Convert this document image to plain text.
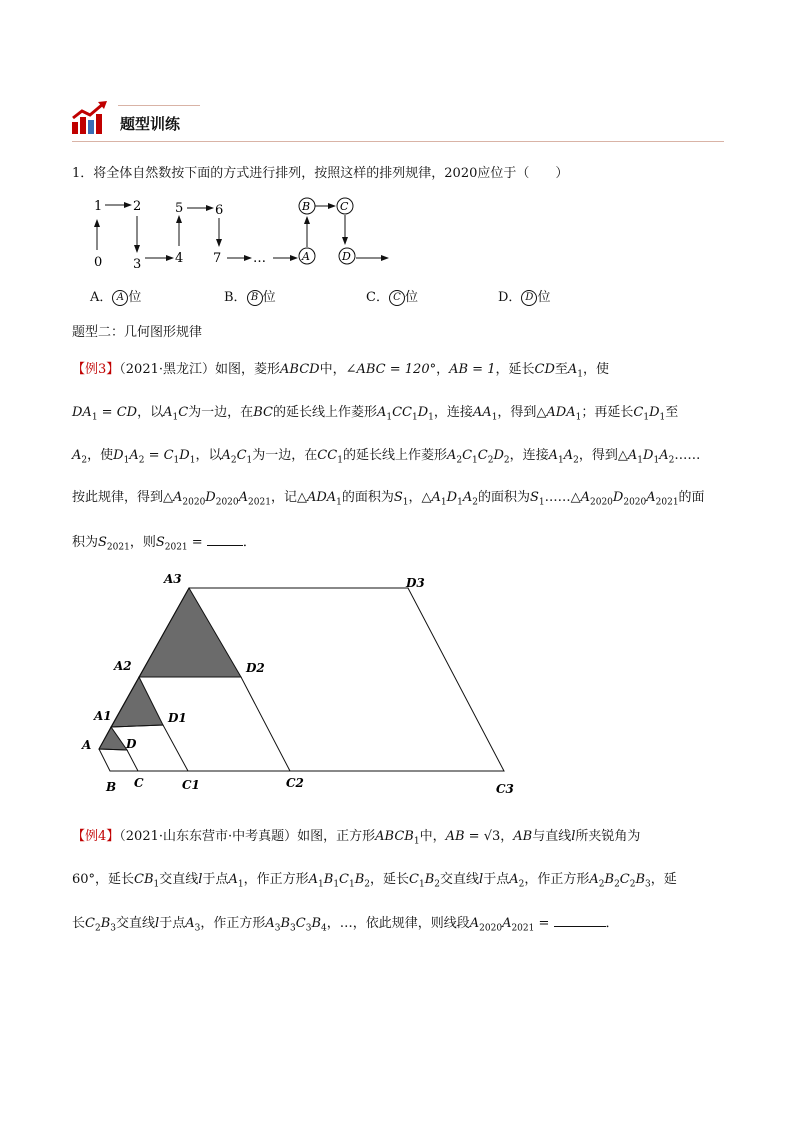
题型训练
1．将全体自然数按下面的方式进行排列，按照这样的排列规律，2020应位于（　　）
1 2
0 3	4
5 6
7 …
B	C
A	D
A． A 位	B． B 位	C． C 位	D． D 位
题型二：几何图形规律
【例3】（2021·黑龙江）如图，菱形ABCD中，∠ABC = 120°，AB = 1，延长CD至$A_1$，使
$DA_1$ = CD，以$A_1C$为一边，在BC的延长线上作菱形$A_1CC_1D_1$，连接$AA_1$，得到$\triangle ADA_1$；再延长$C_1D_1$至
$A_2$，使$D_1A_2 = C_1D_1$，以$A_2C_1$为一边，在$CC_1$的延长线上作菱形$A_2C_1C_2D_2$，连接$A_1A_2$，得到$\triangle A_1D_1A_2\dots\dots$
按此规律，得到$\triangle A_{2020}D_{2020}A_{2021}$，记$\triangle ADA_1$的面积为$S_1$，$\triangle A_1D_1A_2$的面积为$S_1\dots\dots\triangle A_{2020}D_{2020}A_{2021}$的面
积为$S_{2021}$，则$S_{2021}$ =	．
A3	D3
A2	D2
A1	D1
A	D
B C	C1	C2	C3
【例4】（2021·山东东营市·中考真题）如图，正方形$ABCB_1$中，AB = √3，AB与直线l所夹锐角为
60°，延长$CB_1$交直线l于点$A_1$，作正方形$A_1B_1C_1B_2$，延长$C_1B_2$交直线l于点$A_2$，作正方形$A_2B_2C_2B_3$，延
长$C_2B_3$交直线l于点$A_3$，作正方形$A_3B_3C_3B_4$，…，依此规律，则线段$A_{2020}A_{2021}$ =	．
